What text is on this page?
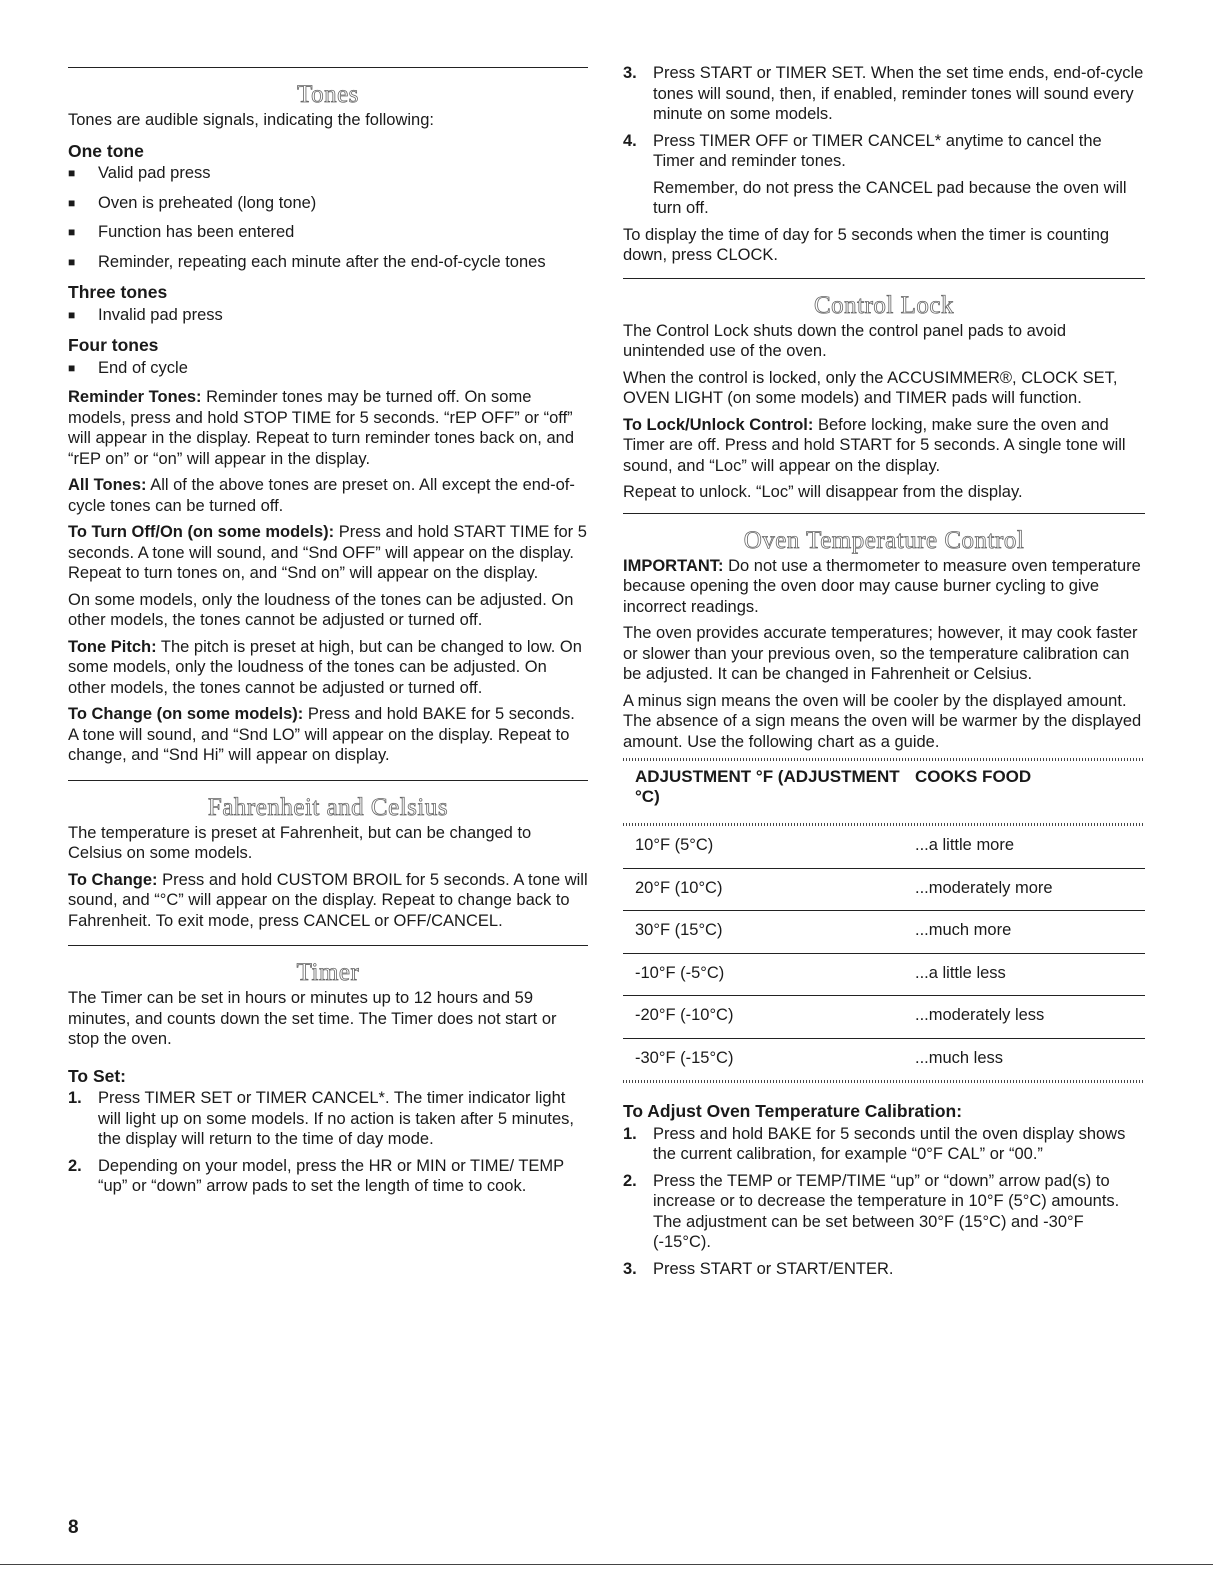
Tones

Tones are audible signals, indicating the following:

One tone
■ Valid pad press
■ Oven is preheated (long tone)
■ Function has been entered
■ Reminder, repeating each minute after the end-of-cycle tones
Three tones
■ Invalid pad press
Four tones
■ End of cycle

Reminder Tones: Reminder tones may be turned off. On some models, press and hold STOP TIME for 5 seconds. “rEP OFF” or “off” will appear in the display. Repeat to turn reminder tones back on, and “rEP on” or “on” will appear in the display.

All Tones: All of the above tones are preset on. All except the end-of-cycle tones can be turned off.

To Turn Off/On (on some models): Press and hold START TIME for 5 seconds. A tone will sound, and “Snd OFF” will appear on the display. Repeat to turn tones on, and “Snd on” will appear on the display.

On some models, only the loudness of the tones can be adjusted. On other models, the tones cannot be adjusted or turned off.

Tone Pitch: The pitch is preset at high, but can be changed to low. On some models, only the loudness of the tones can be adjusted. On other models, the tones cannot be adjusted or turned off.

To Change (on some models): Press and hold BAKE for 5 seconds. A tone will sound, and “Snd LO” will appear on the display. Repeat to change, and “Snd Hi” will appear on display.

Fahrenheit and Celsius

The temperature is preset at Fahrenheit, but can be changed to Celsius on some models.

To Change: Press and hold CUSTOM BROIL for 5 seconds. A tone will sound, and “°C” will appear on the display. Repeat to change back to Fahrenheit. To exit mode, press CANCEL or OFF/CANCEL.

Timer

The Timer can be set in hours or minutes up to 12 hours and 59 minutes, and counts down the set time. The Timer does not start or stop the oven.

To Set:
1. Press TIMER SET or TIMER CANCEL*. The timer indicator light will light up on some models. If no action is taken after 5 minutes, the display will return to the time of day mode.
2. Depending on your model, press the HR or MIN or TIME/ TEMP “up” or “down” arrow pads to set the length of time to cook.
3. Press START or TIMER SET. When the set time ends, end-of-cycle tones will sound, then, if enabled, reminder tones will sound every minute on some models.
4. Press TIMER OFF or TIMER CANCEL* anytime to cancel the Timer and reminder tones.

Remember, do not press the CANCEL pad because the oven will turn off.

To display the time of day for 5 seconds when the timer is counting down, press CLOCK.

Control Lock

The Control Lock shuts down the control panel pads to avoid unintended use of the oven.

When the control is locked, only the ACCUSIMMER®, CLOCK SET, OVEN LIGHT (on some models) and TIMER pads will function.

To Lock/Unlock Control: Before locking, make sure the oven and Timer are off. Press and hold START for 5 seconds. A single tone will sound, and “Loc” will appear on the display.

Repeat to unlock. “Loc” will disappear from the display.

Oven Temperature Control

IMPORTANT: Do not use a thermometer to measure oven temperature because opening the oven door may cause burner cycling to give incorrect readings.

The oven provides accurate temperatures; however, it may cook faster or slower than your previous oven, so the temperature calibration can be adjusted. It can be changed in Fahrenheit or Celsius.

A minus sign means the oven will be cooler by the displayed amount. The absence of a sign means the oven will be warmer by the displayed amount. Use the following chart as a guide.

ADJUSTMENT °F (ADJUSTMENT °C)	COOKS FOOD

10°F (5°C)	...a little more
20°F (10°C)	...moderately more
30°F (15°C)	...much more
-10°F (-5°C)	...a little less
-20°F (-10°C)	...moderately less
-30°F (-15°C)	...much less

To Adjust Oven Temperature Calibration:
1. Press and hold BAKE for 5 seconds until the oven display shows the current calibration, for example “0°F CAL” or “00.”
2. Press the TEMP or TEMP/TIME “up” or “down” arrow pad(s) to increase or to decrease the temperature in 10°F (5°C) amounts. The adjustment can be set between 30°F (15°C) and -30°F (-15°C).
3. Press START or START/ENTER.
8
